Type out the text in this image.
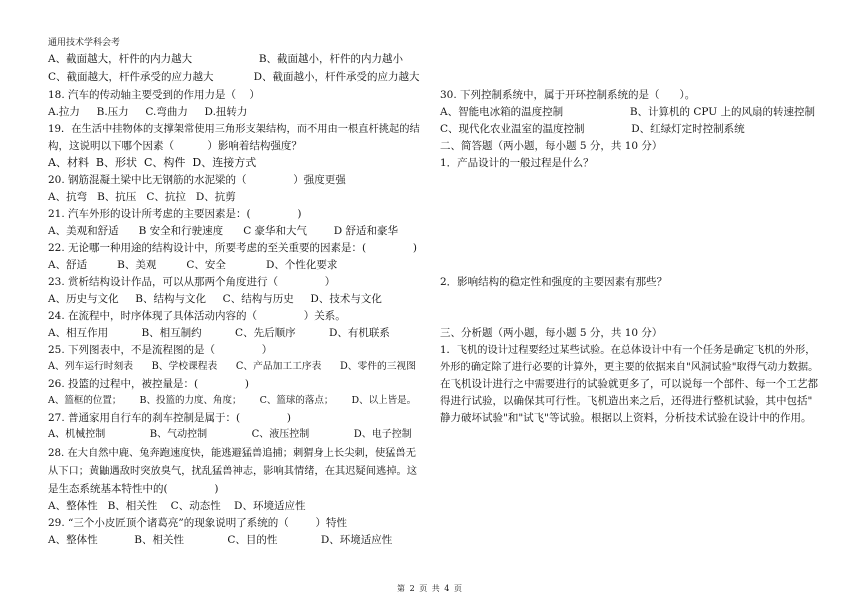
通用技术学科会考
A、截面越大，杆件的内力越大                    B、截面越小，杆件的内力越小
C、截面越大，杆件承受的应力越大            D、截面越小，杆件承受的应力越大
18. 汽车的传动轴主要受到的作用力是（    ）
A.拉力     B.压力     C.弯曲力     D.扭转力
19．在生活中挂物体的支撑架常使用三角形支架结构，而不用由一根直杆挑起的结
构，这说明以下哪个因素（          ）影响着结构强度？
A、材料  B、形状  C、构件  D、连接方式
20. 钢筋混凝土梁中比无钢筋的水泥梁的（              ）强度更强
A、抗弯   B、抗压   C、抗拉   D、抗剪
21. 汽车外形的设计所考虑的主要因素是：(              )
A、美观和舒适      B 安全和行驶速度      C 豪华和大气        D 舒适和豪华
22. 无论哪一种用途的结构设计中，所要考虑的至关重要的因素是：(              )
A、舒适         B、美观         C、安全            D、个性化要求
23. 赏析结构设计作品，可以从那两个角度进行（              ）
A、历史与文化     B、结构与文化     C、结构与历史     D、技术与文化
24. 在流程中，时序体现了具体活动内容的（              ）关系。
A、相互作用          B、相互制约          C、先后顺序          D、有机联系
25. 下列图表中，不是流程图的是（              ）
A、列车运行时刻表      B、学校课程表      C、产品加工工序表      D、零件的三视图
26. 投篮的过程中，被控量是：(              )
A、篮框的位置；      B、投篮的力度、角度；      C、篮球的落点；      D、以上皆是。
27. 普通家用自行车的刹车控制是属于：(              )
A、机械控制              B、气动控制              C、液压控制              D、电子控制
28. 在大自然中鹿、兔奔跑速度快，能逃避猛兽追捕；刺猬身上长尖刺，使猛兽无
从下口；黄鼬遇敌时突放臭气，扰乱猛兽神志，影响其情绪，在其迟疑间逃掉。这
是生态系统基本特性中的(              )
A、整体性   B、相关性    C、动态性    D、环境适应性
29. “三个小皮匠顶个诸葛亮”的现象说明了系统的（        ）特性
A、整体性           B、相关性             C、目的性             D、环境适应性
30. 下列控制系统中，属于开环控制系统的是（      ）。
A、智能电冰箱的温度控制                    B、计算机的 CPU 上的风扇的转速控制
C、现代化农业温室的温度控制              D、红绿灯定时控制系统
二、简答题（两小题，每小题 5 分，共 10 分）
1．产品设计的一般过程是什么？
2．影响结构的稳定性和强度的主要因素有那些？
三、分析题（两小题，每小题 5 分，共 10 分）
1．飞机的设计过程要经过某些试验。在总体设计中有一个任务是确定飞机的外形，
外形的确定除了进行必要的计算外，更主要的依据来自"风洞试验"取得气动力数据。
在飞机设计进行之中需要进行的试验就更多了，可以说每一个部件、每一个工艺都
得进行试验，以确保其可行性。飞机造出来之后，还得进行整机试验，其中包括"
静力破坏试验"和"试飞"等试验。根据以上资料，分析技术试验在设计中的作用。
第 2 页 共 4 页
